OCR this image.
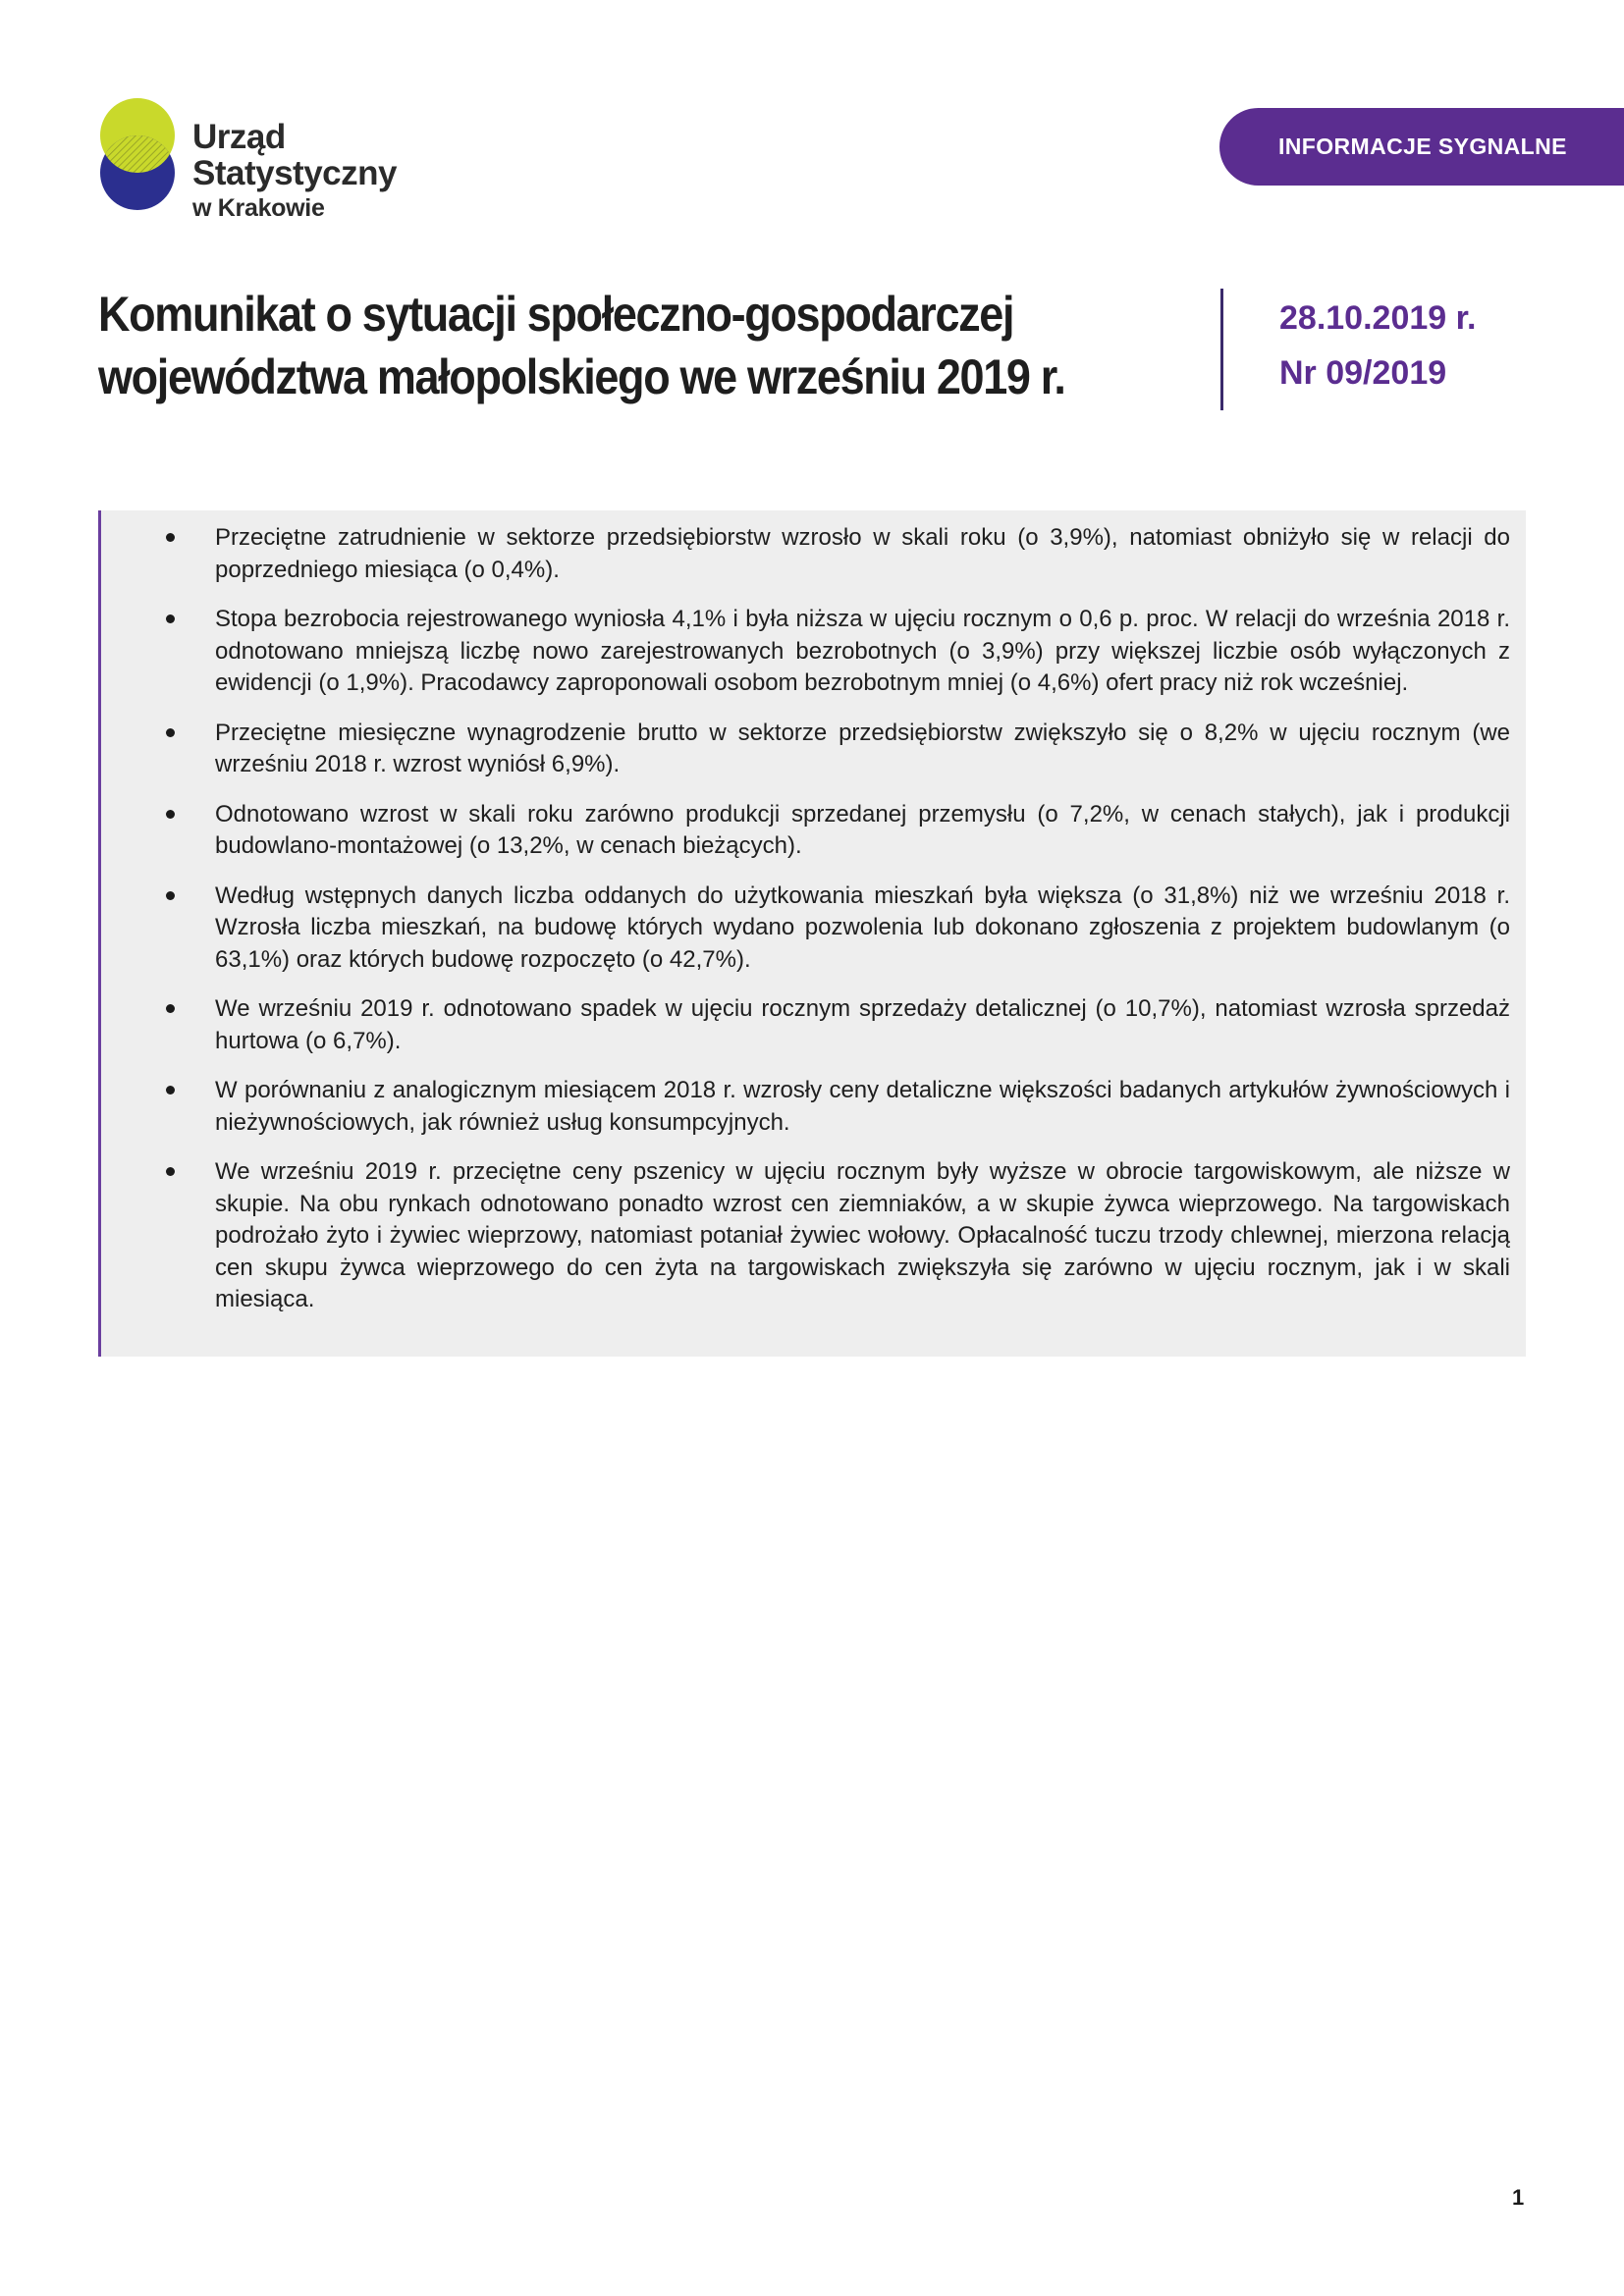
Urząd Statystyczny
w Krakowie
INFORMACJE SYGNALNE
Komunikat o sytuacji społeczno-gospodarczej
województwa małopolskiego we wrześniu 2019 r.
28.10.2019 r.
Nr 09/2019
Przeciętne zatrudnienie w sektorze przedsiębiorstw wzrosło w skali roku (o 3,9%), natomiast obniżyło się w relacji do poprzedniego miesiąca (o 0,4%).
Stopa bezrobocia rejestrowanego wyniosła 4,1% i była niższa w ujęciu rocznym o 0,6 p. proc. W relacji do września 2018 r. odnotowano mniejszą liczbę nowo zarejestrowanych bezrobotnych (o 3,9%) przy większej liczbie osób wyłączonych z ewidencji (o 1,9%). Pracodawcy zaproponowali osobom bezrobotnym mniej (o 4,6%) ofert pracy niż rok wcześniej.
Przeciętne miesięczne wynagrodzenie brutto w sektorze przedsiębiorstw zwiększyło się o 8,2% w ujęciu rocznym (we wrześniu 2018 r. wzrost wyniósł 6,9%).
Odnotowano wzrost w skali roku zarówno produkcji sprzedanej przemysłu (o 7,2%, w cenach stałych), jak i produkcji budowlano-montażowej (o 13,2%, w cenach bieżących).
Według wstępnych danych liczba oddanych do użytkowania mieszkań była większa (o 31,8%) niż we wrześniu 2018 r. Wzrosła liczba mieszkań, na budowę których wydano pozwolenia lub dokonano zgłoszenia z projektem budowlanym (o 63,1%) oraz których budowę rozpoczęto (o 42,7%).
We wrześniu 2019 r. odnotowano spadek w ujęciu rocznym sprzedaży detalicznej (o 10,7%), natomiast wzrosła sprzedaż hurtowa (o 6,7%).
W porównaniu z analogicznym miesiącem 2018 r. wzrosły ceny detaliczne większości badanych artykułów żywnościowych i nieżywnościowych, jak również usług konsumpcyjnych.
We wrześniu 2019 r. przeciętne ceny pszenicy w ujęciu rocznym były wyższe w obrocie targowiskowym, ale niższe w skupie. Na obu rynkach odnotowano ponadto wzrost cen ziemniaków, a w skupie żywca wieprzowego. Na targowiskach podrożało żyto i żywiec wieprzowy, natomiast potaniał żywiec wołowy. Opłacalność tuczu trzody chlewnej, mierzona relacją cen skupu żywca wieprzowego do cen żyta na targowiskach zwiększyła się zarówno w ujęciu rocznym, jak i w skali miesiąca.
1
